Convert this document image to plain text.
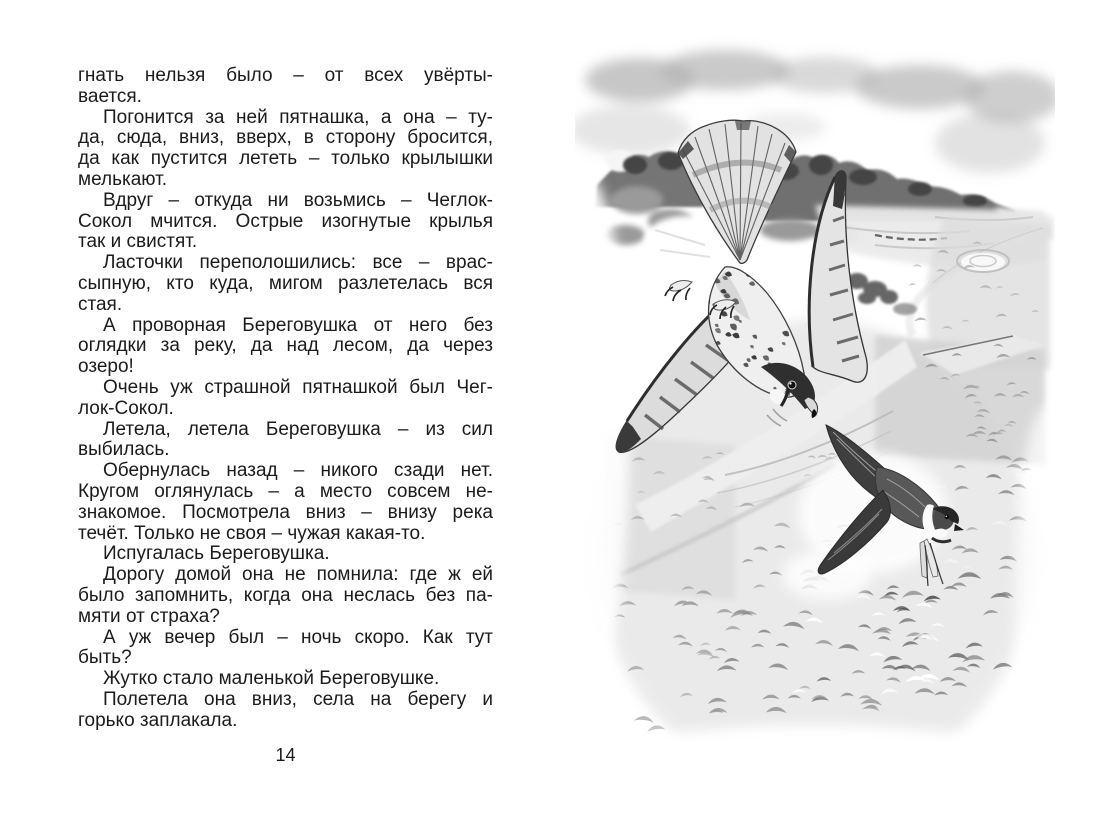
гнать нельзя было – от всех увёрты-
вается.
Погонится за ней пятнашка, а она – ту-
да, сюда, вниз, вверх, в сторону бросится,
да как пустится лететь – только крылышки
мелькают.
Вдруг – откуда ни возьмись – Чеглок-
Сокол мчится. Острые изогнутые крылья
так и свистят.
Ласточки переполошились: все – врас-
сыпную, кто куда, мигом разлетелась вся
стая.
А проворная Береговушка от него без
оглядки за реку, да над лесом, да через
озеро!
Очень уж страшной пятнашкой был Чег-
лок-Сокол.
Летела, летела Береговушка – из сил
выбилась.
Обернулась назад – никого сзади нет.
Кругом оглянулась – а место совсем не-
знакомое. Посмотрела вниз – внизу река
течёт. Только не своя – чужая какая-то.
Испугалась Береговушка.
Дорогу домой она не помнила: где ж ей
было запомнить, когда она неслась без па-
мяти от страха?
А уж вечер был – ночь скоро. Как тут
быть?
Жутко стало маленькой Береговушке.
Полетела она вниз, села на берегу и
горько заплакала.
14
